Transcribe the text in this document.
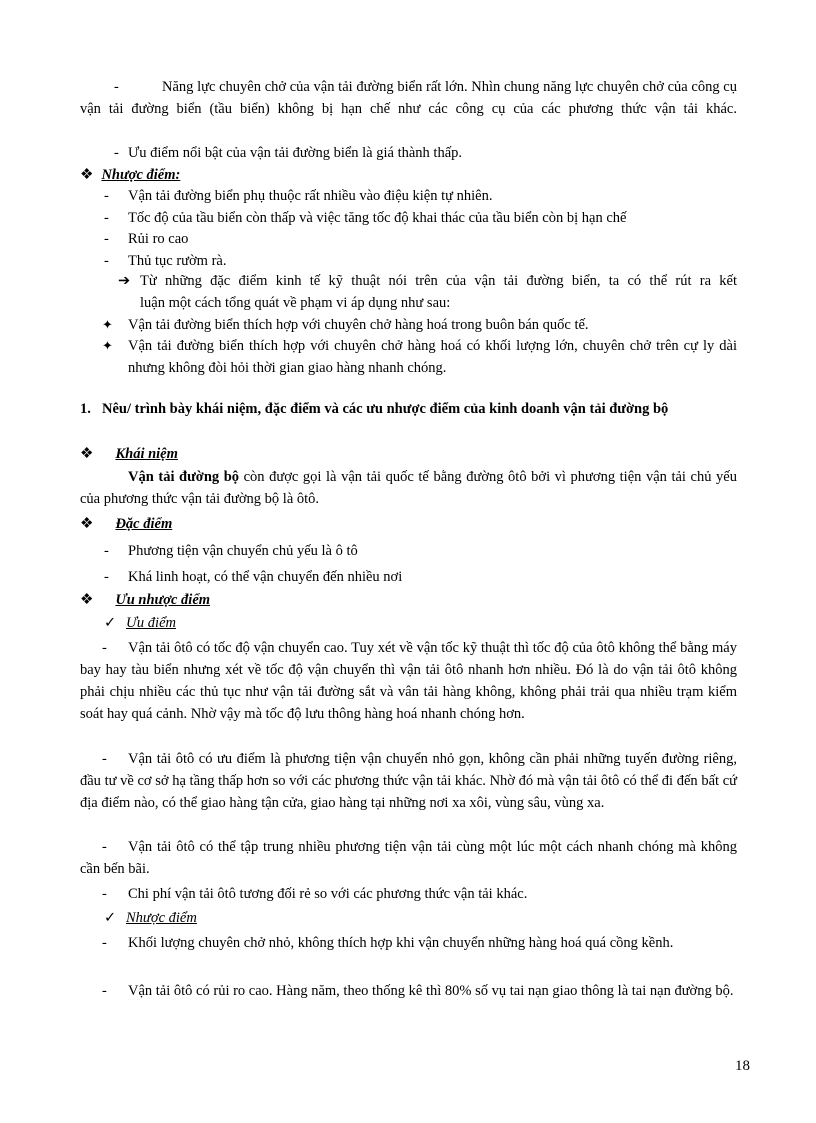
-	Năng lực chuyên chở của vận tải đường biển rất lớn. Nhìn chung năng lực chuyên chở của công cụ vận tải đường biển (tầu biển) không bị hạn chế như các công cụ của các phương thức vận tải khác.
- Ưu điểm nổi bật của vận tải đường biển là giá thành thấp.
❖ Nhược điểm:
- Vận tải đường biển phụ thuộc rất nhiều vào điệu kiện tự nhiên.
- Tốc độ của tầu biển còn thấp và việc tăng tốc độ khai thác của tầu biển còn bị hạn chế
- Rủi ro cao
- Thủ tục rườm rà.
➔ Từ những đặc điểm kinh tế kỹ thuật nói trên của vận tải đường biển, ta có thể rút ra kết
luận một cách tổng quát về phạm vi áp dụng như sau:
✦ Vận tải đường biển thích hợp với chuyên chở hàng hoá trong buôn bán quốc tế.
✦ Vận tải đường biển thích hợp với chuyên chở hàng hoá có khối lượng lớn, chuyên chở trên cự ly dài nhưng không đòi hỏi thời gian giao hàng nhanh chóng.
1. Nêu/ trình bày khái niệm, đặc điểm và các ưu nhược điểm của kinh doanh vận tải đường bộ
❖ Khái niệm
Vận tải đường bộ còn được gọi là vận tải quốc tế bằng đường ôtô bởi vì phương tiện vận tải chủ yếu của phương thức vận tải đường bộ là ôtô.
❖ Đặc điểm
- Phương tiện vận chuyển chủ yếu là ô tô
- Khá linh hoạt, có thể vận chuyển đến nhiều nơi
❖ Ưu nhược điểm
✓ Ưu điểm
- Vận tải ôtô có tốc độ vận chuyển cao. Tuy xét về vận tốc kỹ thuật thì tốc độ của ôtô không thể bằng máy bay hay tàu biển nhưng xét về tốc độ vận chuyển thì vận tải ôtô nhanh hơn nhiều. Đó là do vận tải ôtô không phải chịu nhiều các thủ tục như vận tải đường sắt và vân tải hàng không, không phải trải qua nhiều trạm kiểm soát hay quá cảnh. Nhờ vậy mà tốc độ lưu thông hàng hoá nhanh chóng hơn.
- Vận tải ôtô có ưu điểm là phương tiện vận chuyển nhỏ gọn, không cần phải những tuyến đường riêng, đầu tư về cơ sở hạ tầng thấp hơn so với các phương thức vận tải khác. Nhờ đó mà vận tải ôtô có thể đi đến bất cứ địa điểm nào, có thể giao hàng tận cửa, giao hàng tại những nơi xa xôi, vùng sâu, vùng xa.
- Vận tải ôtô có thể tập trung nhiều phương tiện vận tải cùng một lúc một cách nhanh chóng mà không cần bến bãi.
- Chi phí vận tải ôtô tương đối rẻ so với các phương thức vận tải khác.
✓ Nhược điểm
- Khối lượng chuyên chở nhỏ, không thích hợp khi vận chuyển những hàng hoá quá cồng kềnh.
- Vận tải ôtô có rủi ro cao. Hàng năm, theo thống kê thì 80% số vụ tai nạn giao thông là tai nạn đường bộ.
18
